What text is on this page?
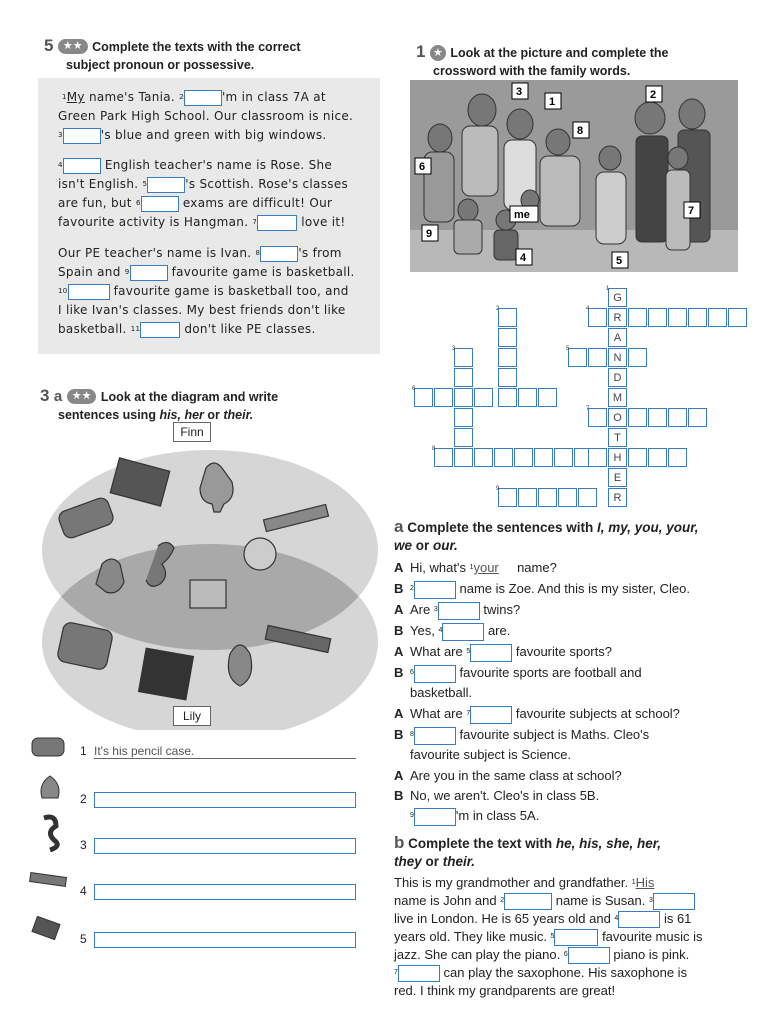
5 ★★ Complete the texts with the correct
subject pronoun or possessive.
$^1$My name's Tania. $^2$	'm in class 7A at
Green Park High School. Our classroom is nice.
$^3$	's blue and green with big windows.
$^4$	English teacher's name is Rose. She
isn't English. $^5$	's Scottish. Rose's classes
are fun, but $^6$	exams are difficult! Our
favourite activity is Hangman. $^7$	love it!
Our PE teacher's name is Ivan. $^8$	's from
Spain and $^9$	favourite game is basketball.
$^{10}$	favourite game is basketball too, and
I like Ivan's classes. My best friends don't like
basketball. $^{11}$	don't like PE classes.
1 ★ Look at the picture and complete the
crossword with the family words.
3
1
2
8
6
7
me
9
4	5
G
R
A
N
D
M
O
T
H
E
R
1
4
2
5
3
6
7
8
9
3 a ★★ Look at the diagram and write
sentences using his, her or their.
Finn
Lily
1 It's his pencil case.
2
3
4
5
a Complete the sentences with I, my, you, your,
we or our.
A Hi, what's $^1$your name?
B $^2$	name is Zoe. And this is my sister, Cleo.
A Are $^3$	twins?
B Yes, $^4$	are.
A What are $^5$	favourite sports?
B $^6$	favourite sports are football and
basketball.
A What are $^7$	favourite subjects at school?
B $^8$	favourite subject is Maths. Cleo's
favourite subject is Science.
A Are you in the same class at school?
B No, we aren't. Cleo's in class 5B.
$^9$	'm in class 5A.
b Complete the text with he, his, she, her,
they or their.
This is my grandmother and grandfather. $^1$His
name is John and $^2$	name is Susan. $^3$
live in London. He is 65 years old and $^4$	is 61
years old. They like music. $^5$	favourite music is
jazz. She can play the piano. $^6$	piano is pink.
$^7$	can play the saxophone. His saxophone is
red. I think my grandparents are great!
